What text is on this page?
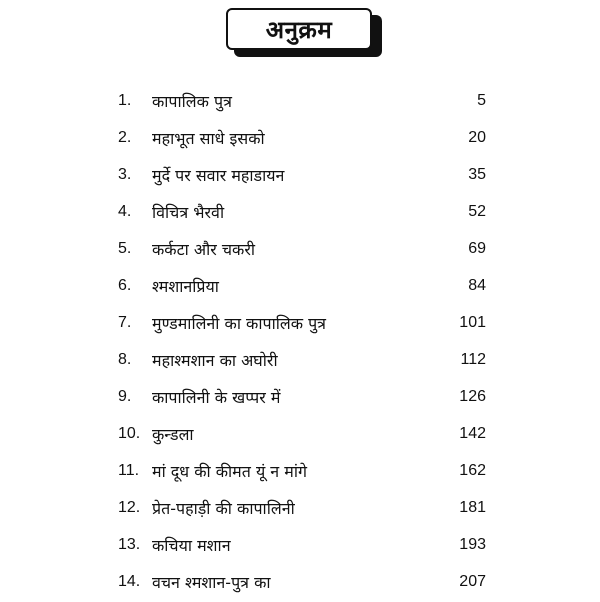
अनुक्रम
1. कापालिक पुत्र	5
2. महाभूत साधे इसको	20
3. मुर्दे पर सवार महाडायन	35
4. विचित्र भैरवी	52
5. कर्कटा और चकरी	69
6. श्मशानप्रिया	84
7. मुण्डमालिनी का कापालिक पुत्र	101
8. महाश्मशान का अघोरी	112
9. कापालिनी के खप्पर में	126
10. कुन्डला	142
11. मां दूध की कीमत यूं न मांगे	162
12. प्रेत-पहाड़ी की कापालिनी	181
13. कचिया मशान	193
14. वचन श्मशान-पुत्र का	207
